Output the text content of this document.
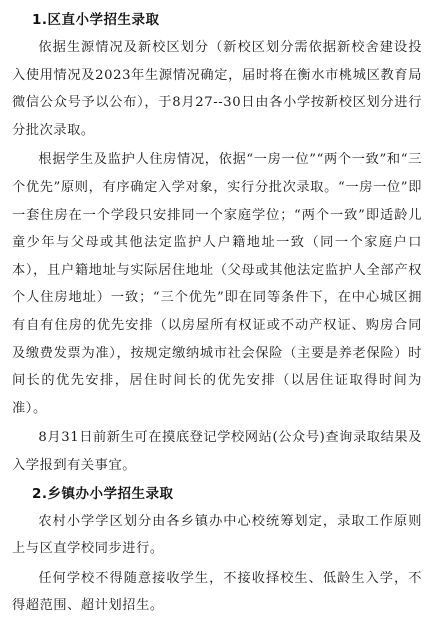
1.区直小学招生录取

依据生源情况及新校区划分（新校区划分需依据新校舍建设投入使用情况及2023年生源情况确定，届时将在衡水市桃城区教育局微信公众号予以公布），于8月27--30日由各小学按新校区划分进行分批次录取。

根据学生及监护人住房情况，依据“一房一位”“两个一致”和“三个优先”原则，有序确定入学对象，实行分批次录取。“一房一位”即一套住房在一个学段只安排同一个家庭学位；“两个一致”即适龄儿童少年与父母或其他法定监护人户籍地址一致（同一个家庭户口本），且户籍地址与实际居住地址（父母或其他法定监护人全部产权个人住房地址）一致；“三个优先”即在同等条件下，在中心城区拥有自有住房的优先安排（以房屋所有权证或不动产权证、购房合同及缴费发票为准），按规定缴纳城市社会保险（主要是养老保险）时间长的优先安排，居住时间长的优先安排（以居住证取得时间为准）。

8月31日前新生可在摸底登记学校网站(公众号)查询录取结果及入学报到有关事宜。

2.乡镇办小学招生录取

农村小学学区划分由各乡镇办中心校统筹划定，录取工作原则上与区直学校同步进行。

任何学校不得随意接收学生，不接收择校生、低龄生入学，不得超范围、超计划招生。
